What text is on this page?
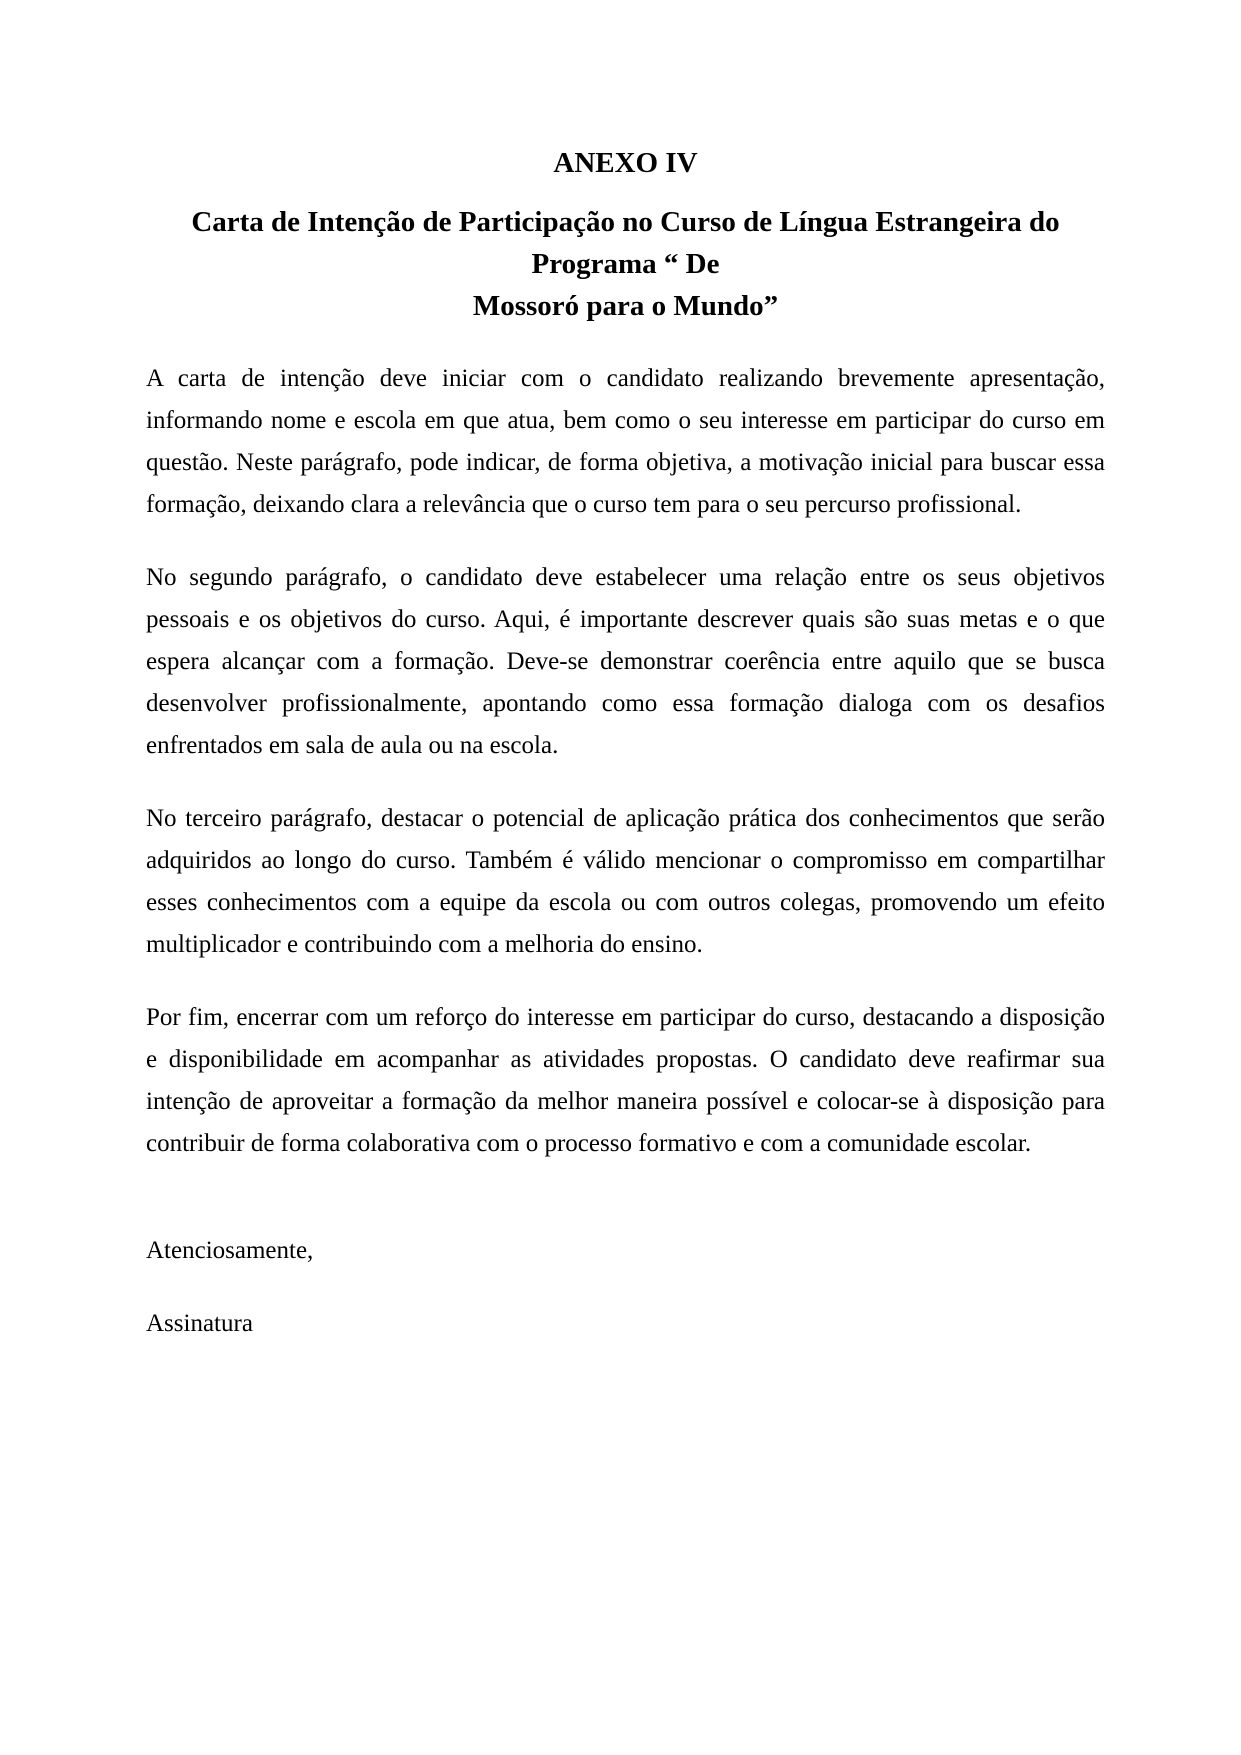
ANEXO IV
Carta de Intenção de Participação no Curso de Língua Estrangeira do Programa “ De
Mossoró para o Mundo”

A carta de intenção deve iniciar com o candidato realizando brevemente apresentação, informando nome e escola em que atua, bem como o seu interesse em participar do curso em questão. Neste parágrafo, pode indicar, de forma objetiva, a motivação inicial para buscar essa formação, deixando clara a relevância que o curso tem para o seu percurso profissional.

No segundo parágrafo, o candidato deve estabelecer uma relação entre os seus objetivos pessoais e os objetivos do curso. Aqui, é importante descrever quais são suas metas e o que espera alcançar com a formação. Deve-se demonstrar coerência entre aquilo que se busca desenvolver profissionalmente, apontando como essa formação dialoga com os desafios enfrentados em sala de aula ou na escola.

No terceiro parágrafo, destacar o potencial de aplicação prática dos conhecimentos que serão adquiridos ao longo do curso. Também é válido mencionar o compromisso em compartilhar esses conhecimentos com a equipe da escola ou com outros colegas, promovendo um efeito multiplicador e contribuindo com a melhoria do ensino.

Por fim, encerrar com um reforço do interesse em participar do curso, destacando a disposição e disponibilidade em acompanhar as atividades propostas. O candidato deve reafirmar sua intenção de aproveitar a formação da melhor maneira possível e colocar-se à disposição para contribuir de forma colaborativa com o processo formativo e com a comunidade escolar.

Atenciosamente,

Assinatura
